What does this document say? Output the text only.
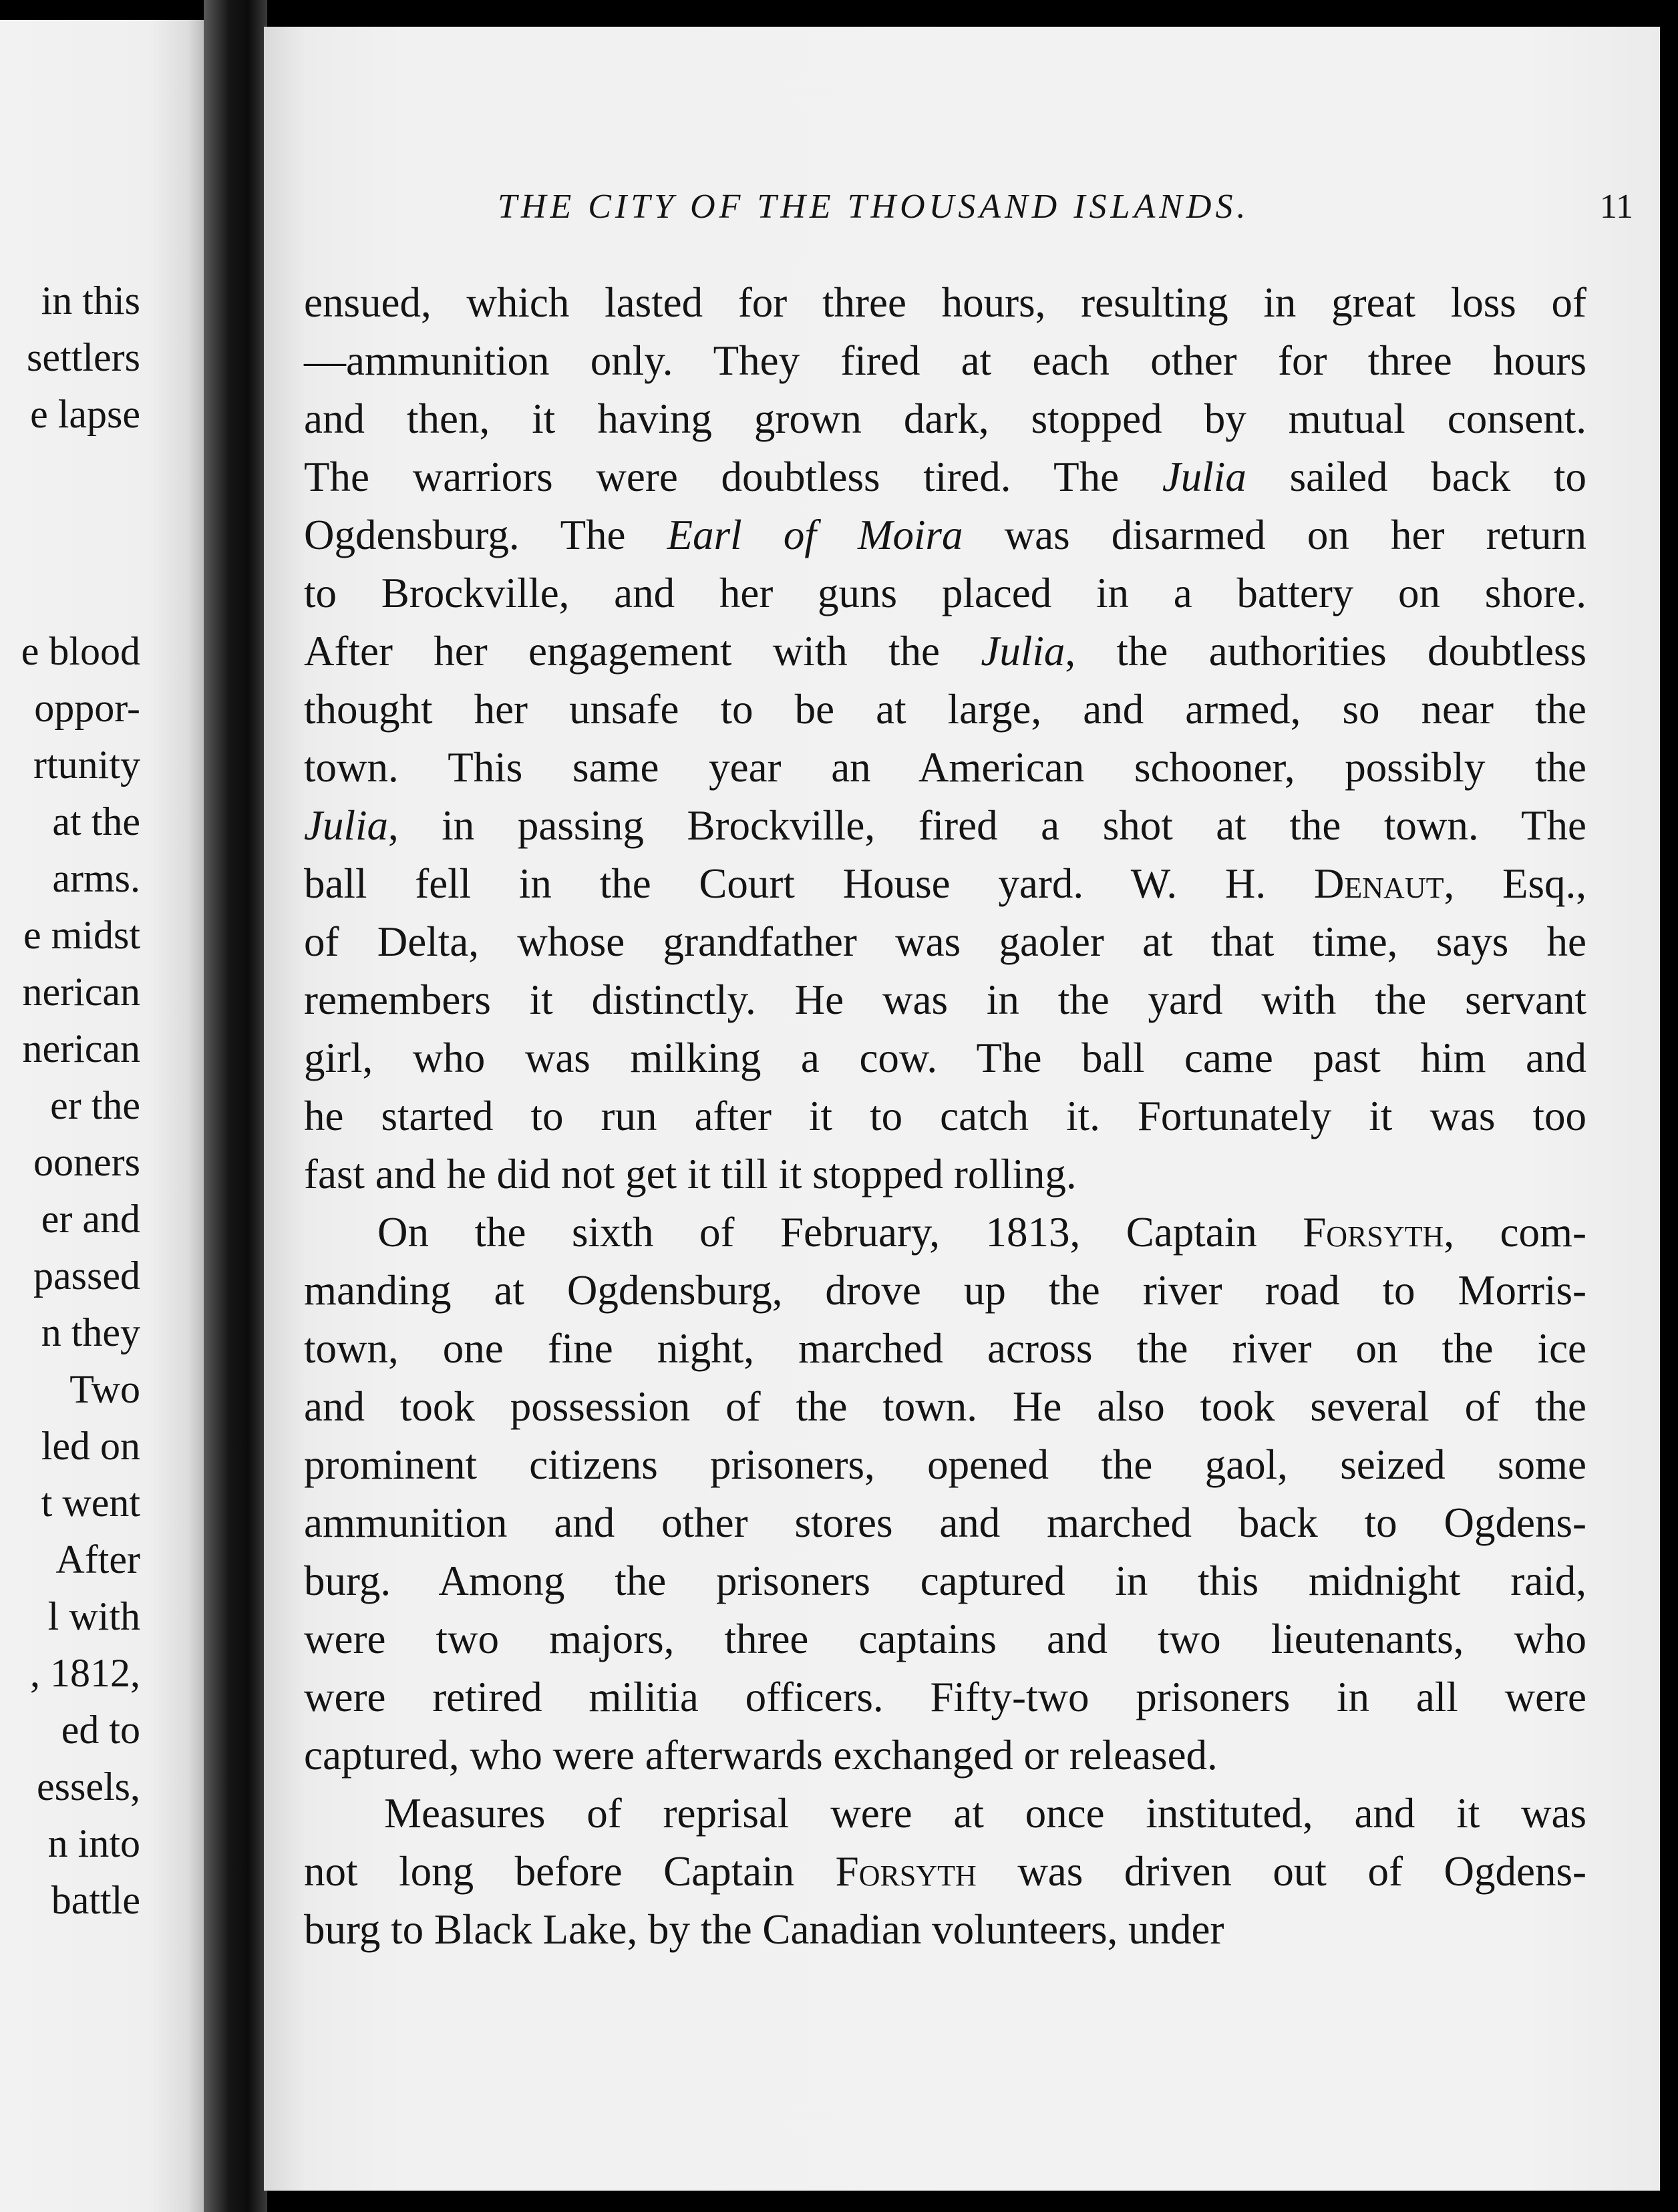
in this
settlers
e lapse
e blood
oppor-
rtunity
at the
arms.
e midst
nerican
nerican
er the
ooners
er and
passed
n they
Two
led on
t went
After
l with
, 1812,
ed to
essels,
n into
battle
THE CITY OF THE THOUSAND ISLANDS.	11
ensued, which lasted for three hours, resulting in great loss of
—ammunition only. They fired at each other for three hours
and then, it having grown dark, stopped by mutual consent.
The warriors were doubtless tired. The Julia sailed back to
Ogdensburg. The Earl of Moira was disarmed on her return
to Brockville, and her guns placed in a battery on shore.
After her engagement with the Julia, the authorities doubtless
thought her unsafe to be at large, and armed, so near the
town. This same year an American schooner, possibly the
Julia, in passing Brockville, fired a shot at the town. The
ball fell in the Court House yard. W. H. Denaut, Esq.,
of Delta, whose grandfather was gaoler at that time, says he
remembers it distinctly. He was in the yard with the servant
girl, who was milking a cow. The ball came past him and
he started to run after it to catch it. Fortunately it was too
fast and he did not get it till it stopped rolling.
On the sixth of February, 1813, Captain Forsyth, com-
manding at Ogdensburg, drove up the river road to Morris-
town, one fine night, marched across the river on the ice
and took possession of the town. He also took several of the
prominent citizens prisoners, opened the gaol, seized some
ammunition and other stores and marched back to Ogdens-
burg. Among the prisoners captured in this midnight raid,
were two majors, three captains and two lieutenants, who
were retired militia officers. Fifty-two prisoners in all were
captured, who were afterwards exchanged or released.
Measures of reprisal were at once instituted, and it was
not long before Captain Forsyth was driven out of Ogdens-
burg to Black Lake, by the Canadian volunteers, under
